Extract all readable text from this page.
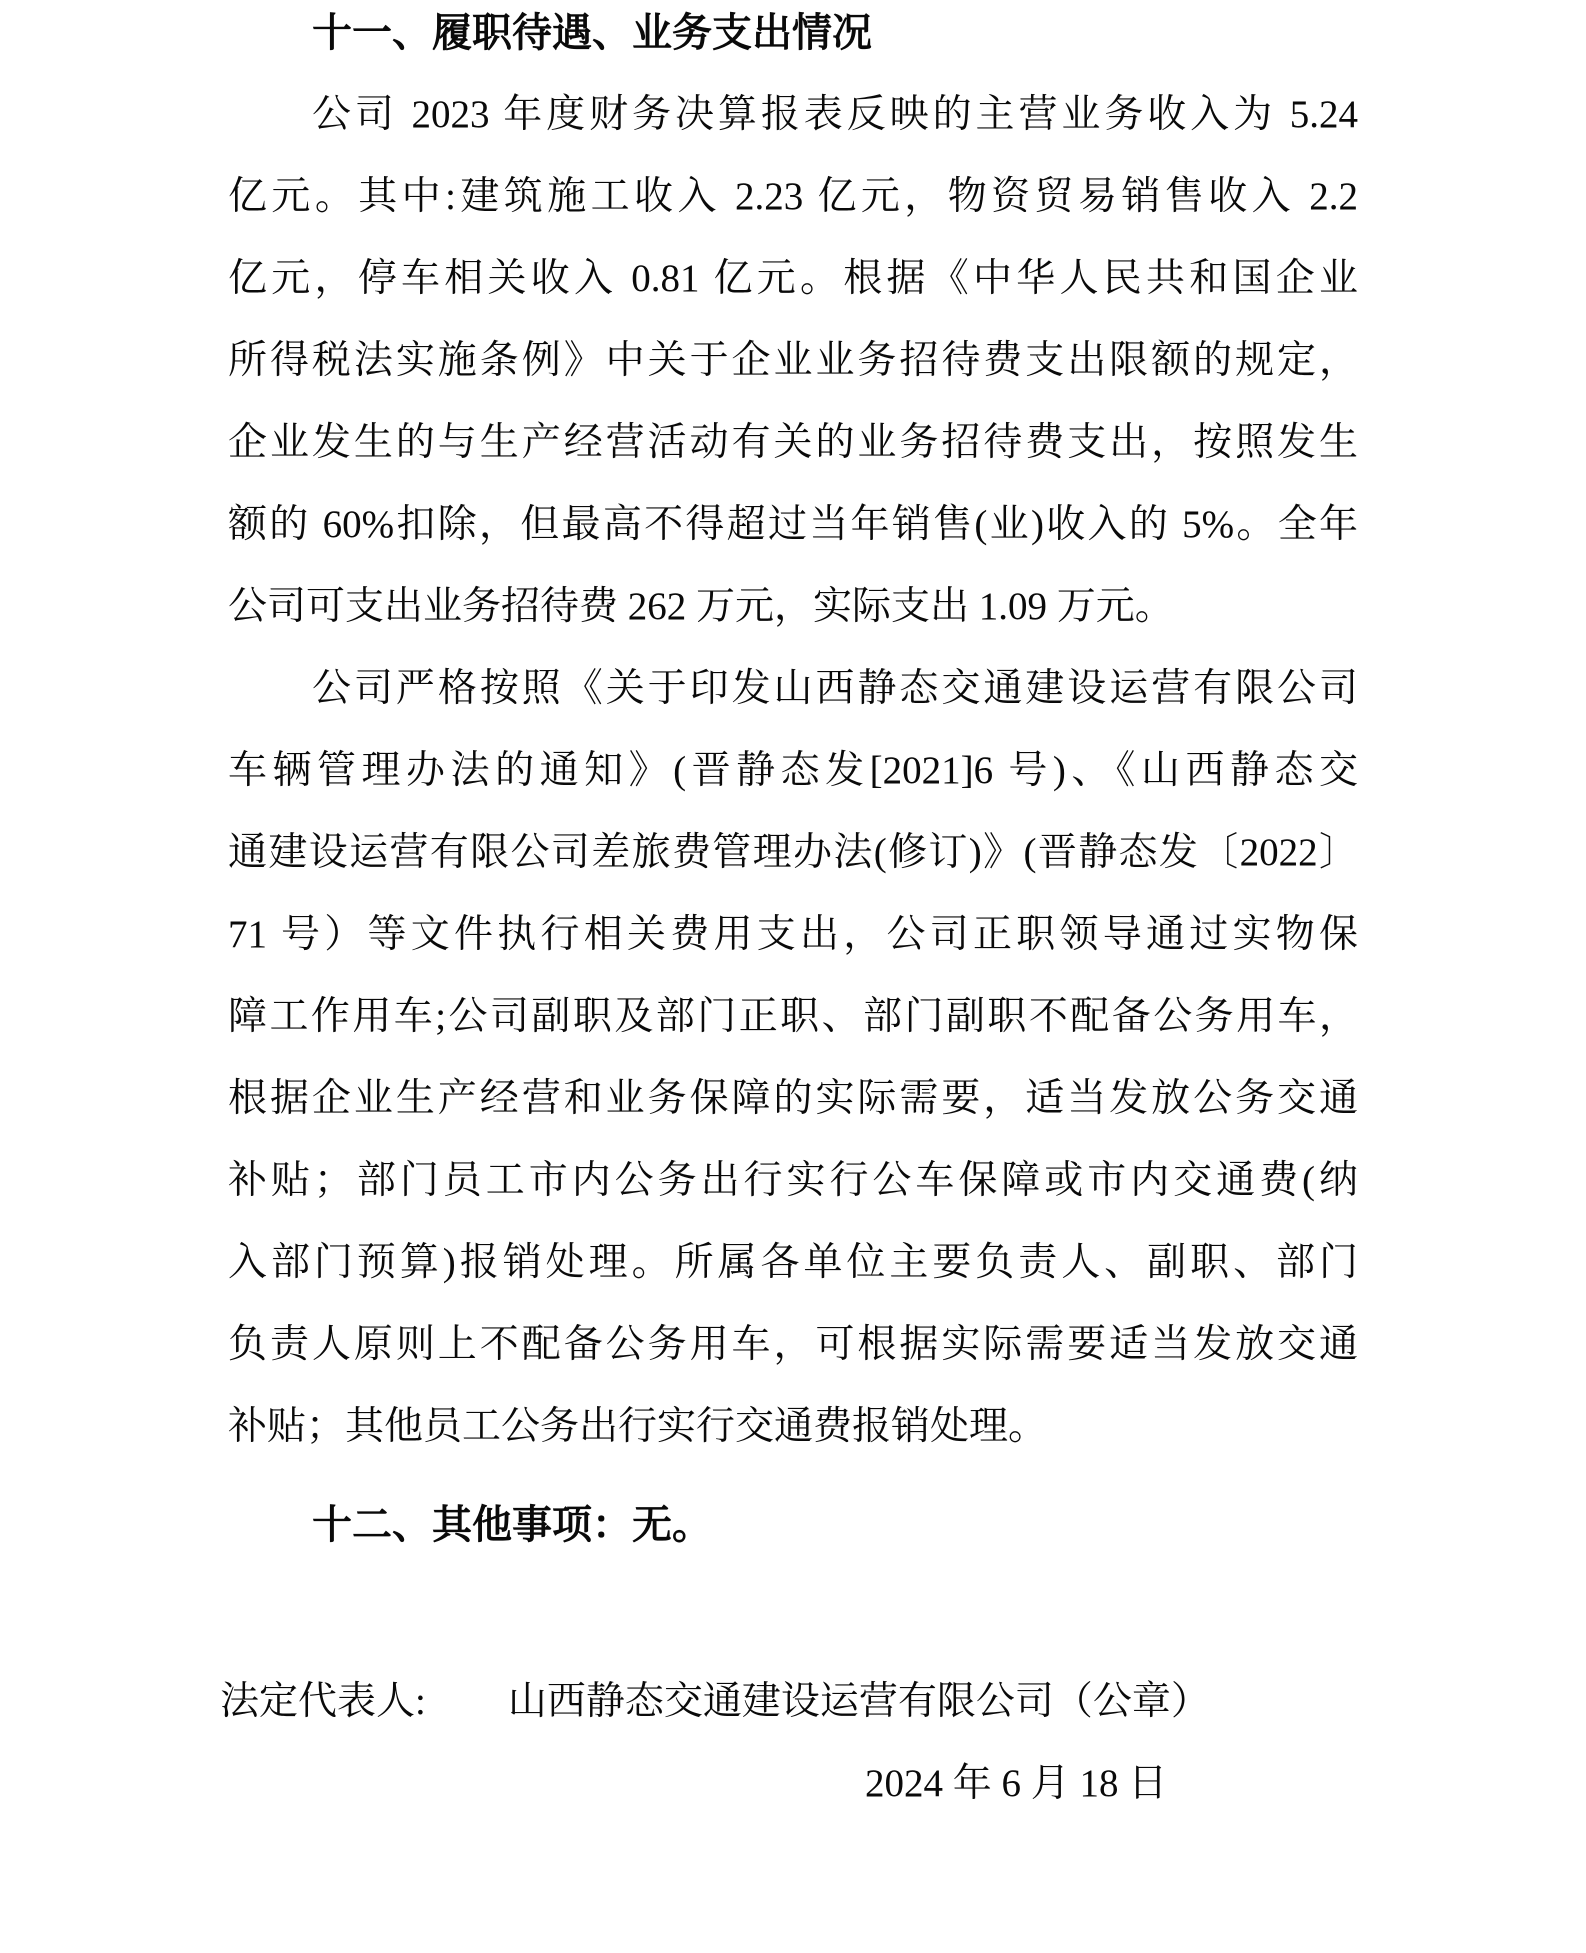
十一、履职待遇、业务支出情况
公司 2023 年度财务决算报表反映的主营业务收入为 5.24
亿元。其中:建筑施工收入 2.23 亿元，物资贸易销售收入 2.2
亿元，停车相关收入 0.81 亿元。根据《中华人民共和国企业
所得税法实施条例》中关于企业业务招待费支出限额的规定，
企业发生的与生产经营活动有关的业务招待费支出，按照发生
额的 60%扣除，但最高不得超过当年销售(业)收入的 5%。全年
公司可支出业务招待费 262 万元，实际支出 1.09 万元。
公司严格按照《关于印发山西静态交通建设运营有限公司
车辆管理办法的通知》(晋静态发[2021]6 号)、《山西静态交
通建设运营有限公司差旅费管理办法(修订)》(晋静态发〔2022〕
71 号）等文件执行相关费用支出，公司正职领导通过实物保
障工作用车;公司副职及部门正职、部门副职不配备公务用车，
根据企业生产经营和业务保障的实际需要，适当发放公务交通
补贴；部门员工市内公务出行实行公车保障或市内交通费(纳
入部门预算)报销处理。所属各单位主要负责人、副职、部门
负责人原则上不配备公务用车，可根据实际需要适当发放交通
补贴；其他员工公务出行实行交通费报销处理。
十二、其他事项：无。
法定代表人: 山西静态交通建设运营有限公司（公章）
2024 年 6 月 18 日
